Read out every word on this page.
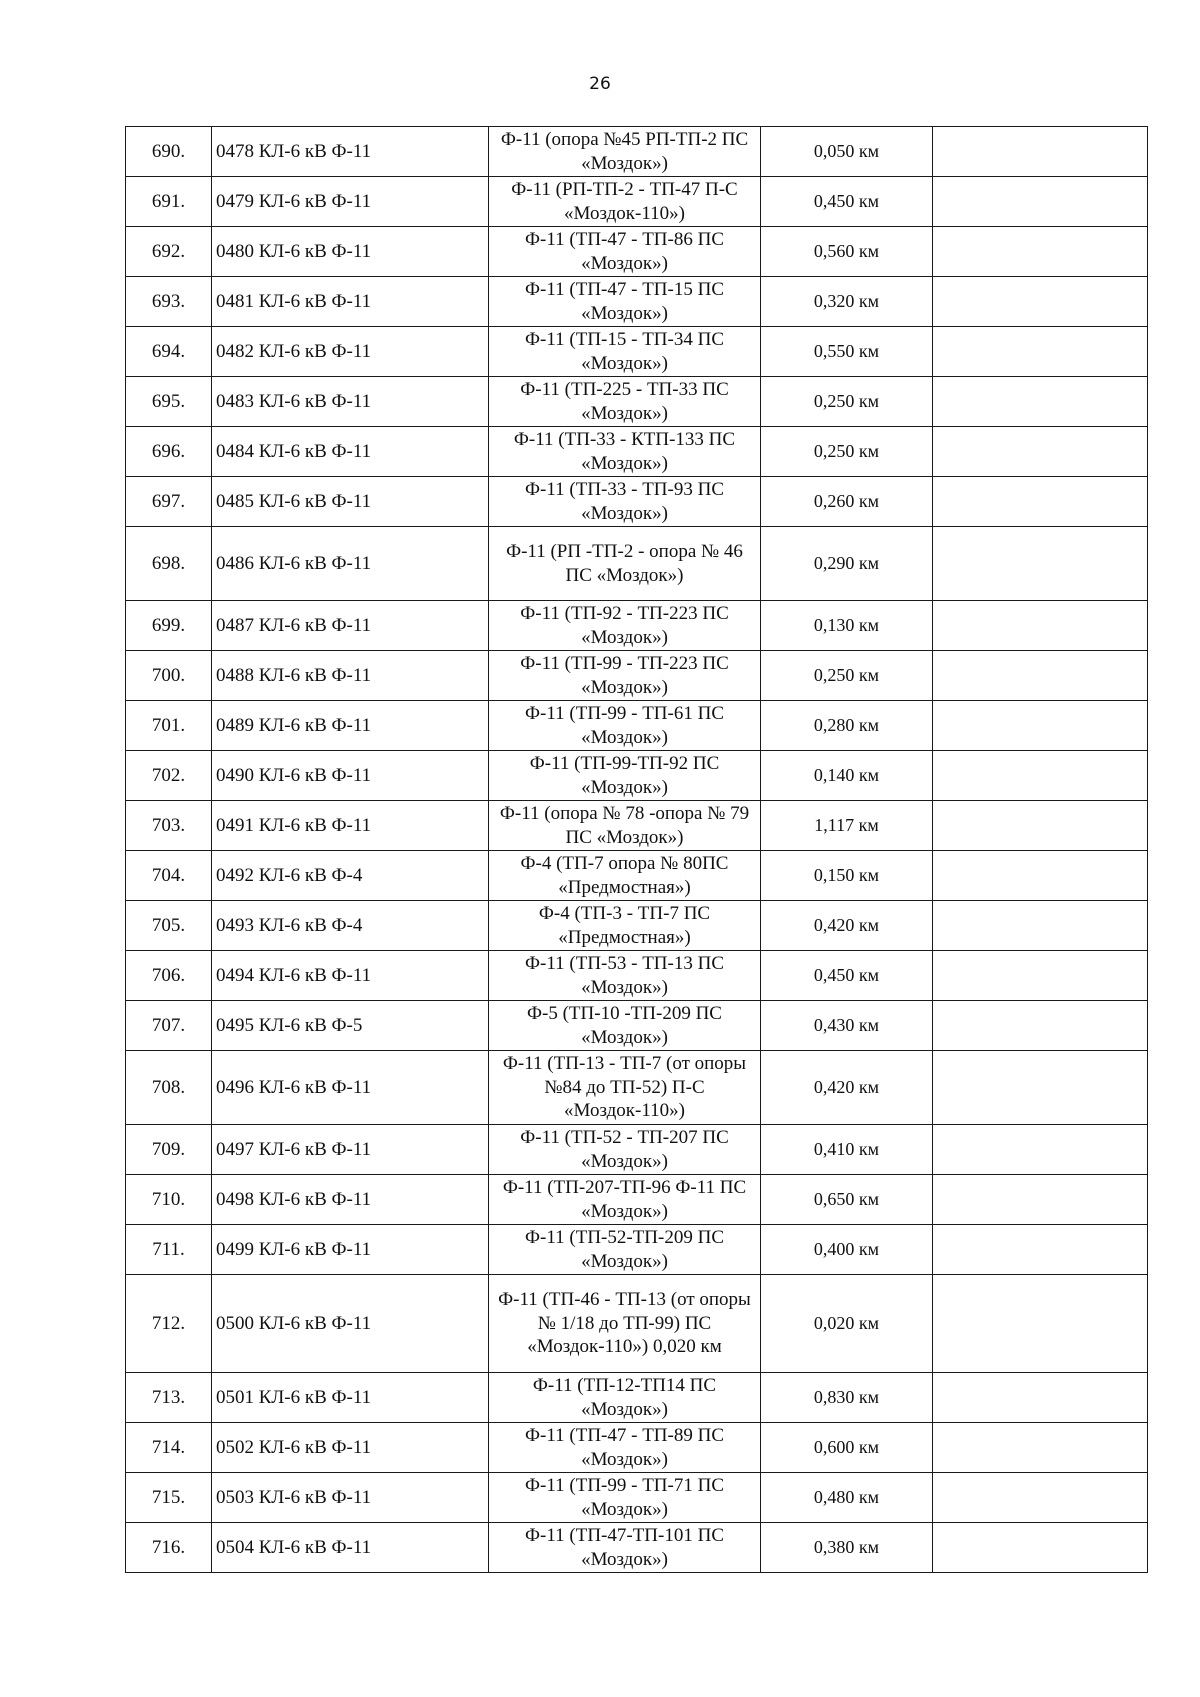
26
690.	0478 КЛ-6 кВ Ф-11	Ф-11 (опора №45 РП-ТП-2 ПС «Моздок»)	0,050 км	
691.	0479 КЛ-6 кВ Ф-11	Ф-11 (РП-ТП-2 - ТП-47 П-С «Моздок-110»)	0,450 км	
692.	0480 КЛ-6 кВ Ф-11	Ф-11 (ТП-47 - ТП-86 ПС «Моздок»)	0,560 км	
693.	0481 КЛ-6 кВ Ф-11	Ф-11 (ТП-47 - ТП-15 ПС «Моздок»)	0,320 км	
694.	0482 КЛ-6 кВ Ф-11	Ф-11 (ТП-15 - ТП-34 ПС «Моздок»)	0,550 км	
695.	0483 КЛ-6 кВ Ф-11	Ф-11 (ТП-225 - ТП-33 ПС «Моздок»)	0,250 км	
696.	0484 КЛ-6 кВ Ф-11	Ф-11 (ТП-33 - КТП-133 ПС «Моздок»)	0,250 км	
697.	0485 КЛ-6 кВ Ф-11	Ф-11 (ТП-33 - ТП-93 ПС «Моздок»)	0,260 км	
698.	0486 КЛ-6 кВ Ф-11	Ф-11 (РП -ТП-2 - опора № 46 ПС «Моздок»)	0,290 км	
699.	0487 КЛ-6 кВ Ф-11	Ф-11 (ТП-92 - ТП-223 ПС «Моздок»)	0,130 км	
700.	0488 КЛ-6 кВ Ф-11	Ф-11 (ТП-99 - ТП-223 ПС «Моздок»)	0,250 км	
701.	0489 КЛ-6 кВ Ф-11	Ф-11 (ТП-99 - ТП-61 ПС «Моздок»)	0,280 км	
702.	0490 КЛ-6 кВ Ф-11	Ф-11 (ТП-99-ТП-92 ПС «Моздок»)	0,140 км	
703.	0491 КЛ-6 кВ Ф-11	Ф-11 (опора № 78 -опора № 79 ПС «Моздок»)	1,117 км	
704.	0492 КЛ-6 кВ Ф-4	Ф-4 (ТП-7 опора № 80ПС «Предмостная»)	0,150 км	
705.	0493 КЛ-6 кВ Ф-4	Ф-4 (ТП-3 - ТП-7 ПС «Предмостная»)	0,420 км	
706.	0494 КЛ-6 кВ Ф-11	Ф-11 (ТП-53 - ТП-13 ПС «Моздок»)	0,450 км	
707.	0495 КЛ-6 кВ Ф-5	Ф-5 (ТП-10 -ТП-209 ПС «Моздок»)	0,430 км	
708.	0496 КЛ-6 кВ Ф-11	Ф-11 (ТП-13 - ТП-7 (от опоры №84 до ТП-52) П-С «Моздок-110»)	0,420 км	
709.	0497 КЛ-6 кВ Ф-11	Ф-11 (ТП-52 - ТП-207 ПС «Моздок»)	0,410 км	
710.	0498 КЛ-6 кВ Ф-11	Ф-11 (ТП-207-ТП-96 Ф-11 ПС «Моздок»)	0,650 км	
711.	0499 КЛ-6 кВ Ф-11	Ф-11 (ТП-52-ТП-209 ПС «Моздок»)	0,400 км	
712.	0500 КЛ-6 кВ Ф-11	Ф-11 (ТП-46 - ТП-13 (от опоры № 1/18 до ТП-99) ПС «Моздок-110») 0,020 км	0,020 км	
713.	0501 КЛ-6 кВ Ф-11	Ф-11 (ТП-12-ТП14 ПС «Моздок»)	0,830 км	
714.	0502 КЛ-6 кВ Ф-11	Ф-11 (ТП-47 - ТП-89 ПС «Моздок»)	0,600 км	
715.	0503 КЛ-6 кВ Ф-11	Ф-11 (ТП-99 - ТП-71 ПС «Моздок»)	0,480 км	
716.	0504 КЛ-6 кВ Ф-11	Ф-11 (ТП-47-ТП-101 ПС «Моздок»)	0,380 км	
